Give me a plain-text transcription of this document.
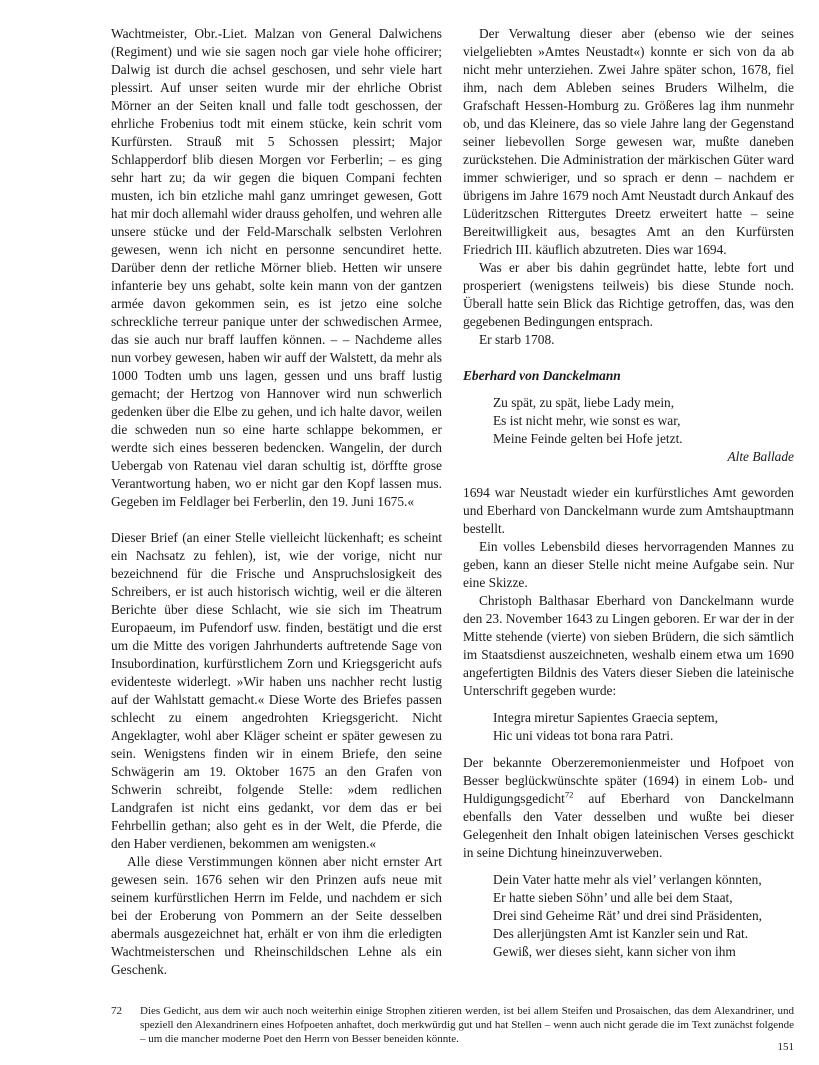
Wachtmeister, Obr.-Liet. Malzan von General Dalwichens (Regiment) und wie sie sagen noch gar viele hohe officirer; Dalwig ist durch die achsel geschosen, und sehr viele hart plessirt. Auf unser seiten wurde mir der ehrliche Obrist Mörner an der Seiten knall und falle todt geschossen, der ehrliche Frobenius todt mit einem stücke, kein schrit vom Kurfürsten. Strauß mit 5 Schossen plessirt; Major Schlapperdorf blib diesen Morgen vor Ferberlin; – es ging sehr hart zu; da wir gegen die biquen Compani fechten musten, ich bin etzliche mahl ganz umringet gewesen, Gott hat mir doch allemahl wider drauss geholfen, und wehren alle unsere stücke und der Feld-Marschalk selbsten Verlohren gewesen, wenn ich nicht en personne sencundiret hette. Darüber denn der retliche Mörner blieb. Hetten wir unsere infanterie bey uns gehabt, solte kein mann von der gantzen armée davon gekommen sein, es ist jetzo eine solche schreckliche terreur panique unter der schwedischen Armee, das sie auch nur braff lauffen können. – – Nachdeme alles nun vorbey gewesen, haben wir auff der Walstett, da mehr als 1000 Todten umb uns lagen, gessen und uns braff lustig gemacht; der Hertzog von Hannover wird nun schwerlich gedenken über die Elbe zu gehen, und ich halte davor, weilen die schweden nun so eine harte schlappe bekommen, er werdte sich eines besseren bedencken. Wangelin, der durch Uebergab von Ratenau viel daran schultig ist, dörffte grose Verantwortung haben, wo er nicht gar den Kopf lassen mus. Gegeben im Feldlager bei Ferberlin, den 19. Juni 1675.«

Dieser Brief (an einer Stelle vielleicht lückenhaft; es scheint ein Nachsatz zu fehlen), ist, wie der vorige, nicht nur bezeichnend für die Frische und Anspruchslosigkeit des Schreibers, er ist auch historisch wichtig, weil er die älteren Berichte über diese Schlacht, wie sie sich im Theatrum Europaeum, im Pufendorf usw. finden, bestätigt und die erst um die Mitte des vorigen Jahrhunderts auftretende Sage von Insubordination, kurfürstlichem Zorn und Kriegsgericht aufs evidenteste widerlegt. »Wir haben uns nachher recht lustig auf der Wahlstatt gemacht.« Diese Worte des Briefes passen schlecht zu einem angedrohten Kriegsgericht. Nicht Angeklagter, wohl aber Kläger scheint er später gewesen zu sein. Wenigstens finden wir in einem Briefe, den seine Schwägerin am 19. Oktober 1675 an den Grafen von Schwerin schreibt, folgende Stelle: »dem redlichen Landgrafen ist nicht eins gedankt, vor dem das er bei Fehrbellin gethan; also geht es in der Welt, die Pferde, die den Haber verdienen, bekommen am wenigsten.«

Alle diese Verstimmungen können aber nicht ernster Art gewesen sein. 1676 sehen wir den Prinzen aufs neue mit seinem kurfürstlichen Herrn im Felde, und nachdem er sich bei der Eroberung von Pommern an der Seite desselben abermals ausgezeichnet hat, erhält er von ihm die erledigten Wachtmeisterschen und Rheinschildschen Lehne als ein Geschenk.

Der Verwaltung dieser aber (ebenso wie der seines vielgeliebten »Amtes Neustadt«) konnte er sich von da ab nicht mehr unterziehen. Zwei Jahre später schon, 1678, fiel ihm, nach dem Ableben seines Bruders Wilhelm, die Grafschaft Hessen-Homburg zu. Größeres lag ihm nunmehr ob, und das Kleinere, das so viele Jahre lang der Gegenstand seiner liebevollen Sorge gewesen war, mußte daneben zurückstehen. Die Administration der märkischen Güter ward immer schwieriger, und so sprach er denn – nachdem er übrigens im Jahre 1679 noch Amt Neustadt durch Ankauf des Lüderitzschen Rittergutes Dreetz erweitert hatte – seine Bereitwilligkeit aus, besagtes Amt an den Kurfürsten Friedrich III. käuflich abzutreten. Dies war 1694.

Was er aber bis dahin gegründet hatte, lebte fort und prosperiert (wenigstens teilweis) bis diese Stunde noch. Überall hatte sein Blick das Richtige getroffen, das, was den gegebenen Bedingungen entsprach.

Er starb 1708.

Eberhard von Danckelmann

Zu spät, zu spät, liebe Lady mein,
Es ist nicht mehr, wie sonst es war,
Meine Feinde gelten bei Hofe jetzt.
Alte Ballade

1694 war Neustadt wieder ein kurfürstliches Amt geworden und Eberhard von Danckelmann wurde zum Amtshauptmann bestellt.

Ein volles Lebensbild dieses hervorragenden Mannes zu geben, kann an dieser Stelle nicht meine Aufgabe sein. Nur eine Skizze.

Christoph Balthasar Eberhard von Danckelmann wurde den 23. November 1643 zu Lingen geboren. Er war der in der Mitte stehende (vierte) von sieben Brüdern, die sich sämtlich im Staatsdienst auszeichneten, weshalb einem etwa um 1690 angefertigten Bildnis des Vaters dieser Sieben die lateinische Unterschrift gegeben wurde:

Integra miretur Sapientes Graecia septem,
Hic uni videas tot bona rara Patri.

Der bekannte Oberzeremonienmeister und Hofpoet von Besser beglückwünschte später (1694) in einem Lob- und Huldigungsgedicht$^{72}$ auf Eberhard von Danckelmann ebenfalls den Vater desselben und wußte bei dieser Gelegenheit den Inhalt obigen lateinischen Verses geschickt in seine Dichtung hineinzuverweben.

Dein Vater hatte mehr als viel’ verlangen könnten,
Er hatte sieben Söhn’ und alle bei dem Staat,
Drei sind Geheime Rät’ und drei sind Präsidenten,
Des allerjüngsten Amt ist Kanzler sein und Rat.
Gewiß, wer dieses sieht, kann sicher von ihm
72 Dies Gedicht, aus dem wir auch noch weiterhin einige Strophen zitieren werden, ist bei allem Steifen und Prosaischen, das dem Alexandriner, und speziell den Alexandrinern eines Hofpoeten anhaftet, doch merkwürdig gut und hat Stellen – wenn auch nicht gerade die im Text zunächst folgende – um die mancher moderne Poet den Herrn von Besser beneiden könnte.
151
